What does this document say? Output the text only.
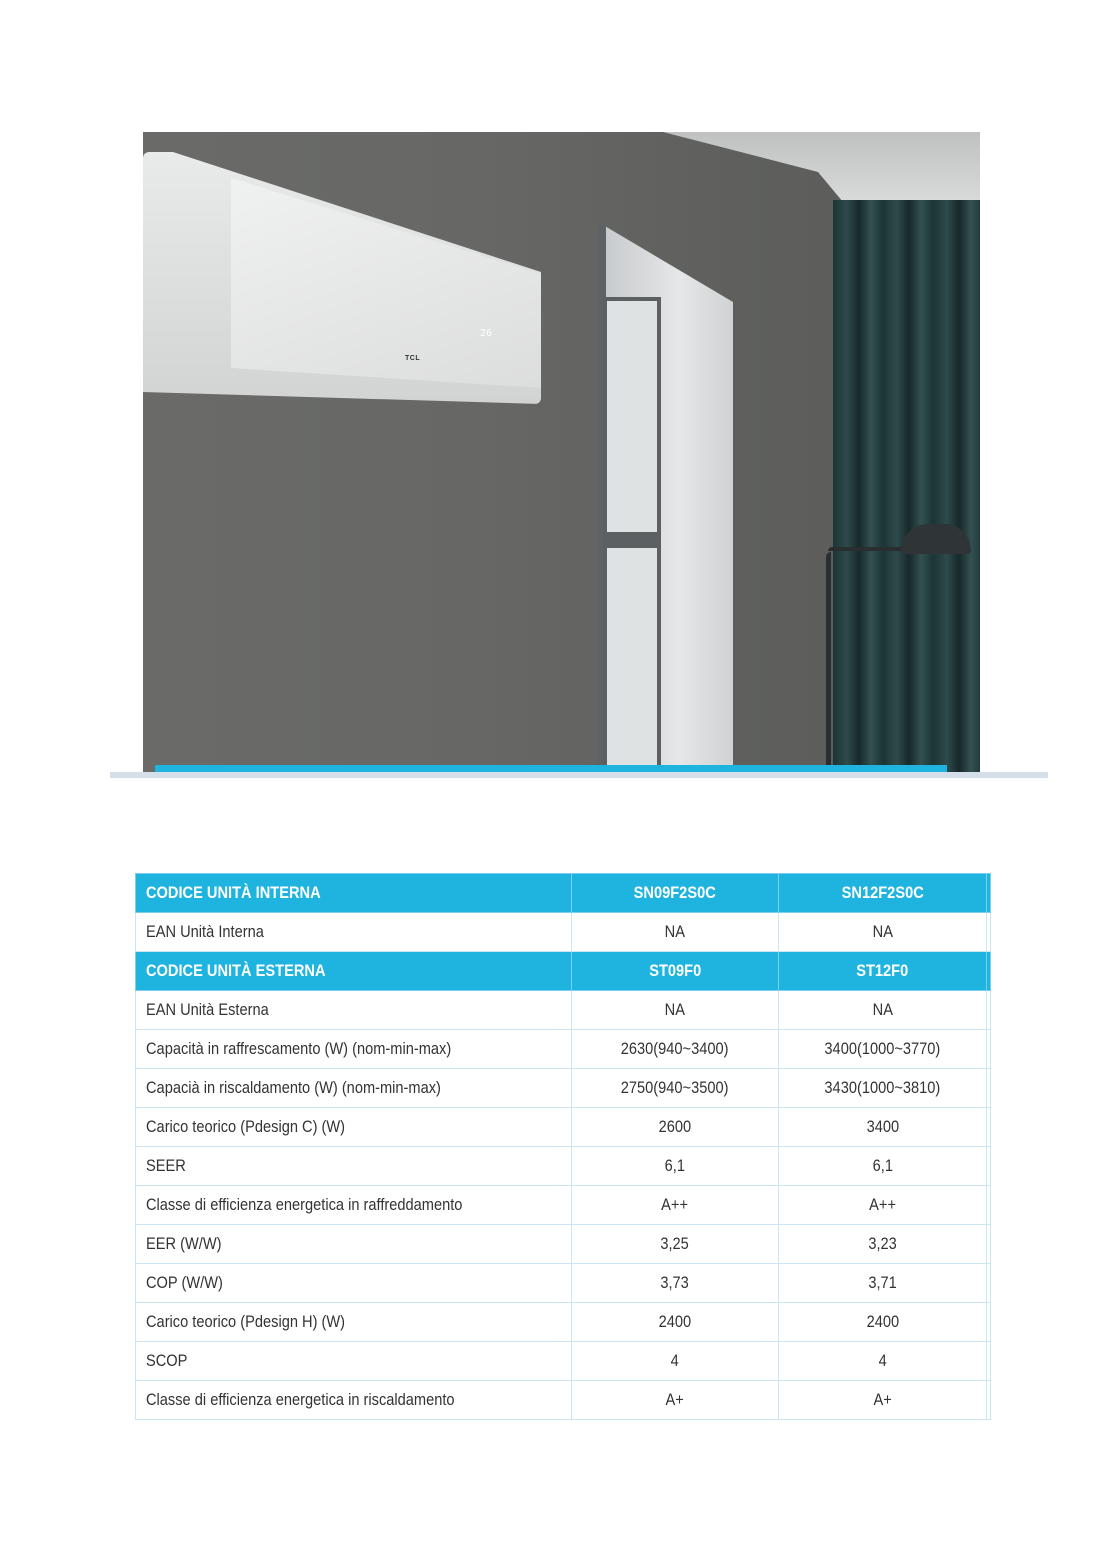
26
TCL
CODICE UNITÀ INTERNA	SN09F2S0C	SN12F2S0C	
EAN Unità Interna	NA	NA	
CODICE UNITÀ ESTERNA	ST09F0	ST12F0	
EAN Unità Esterna	NA	NA	
Capacità in raffrescamento (W) (nom-min-max)	2630(940~3400)	3400(1000~3770)	
Capacià in riscaldamento (W) (nom-min-max)	2750(940~3500)	3430(1000~3810)	
Carico teorico (Pdesign C) (W)	2600	3400	
SEER	6,1	6,1	
Classe di efficienza energetica in raffreddamento	A++	A++	
EER (W/W)	3,25	3,23	
COP (W/W)	3,73	3,71	
Carico teorico (Pdesign H) (W)	2400	2400	
SCOP	4	4	
Classe di efficienza energetica in riscaldamento	A+	A+	
